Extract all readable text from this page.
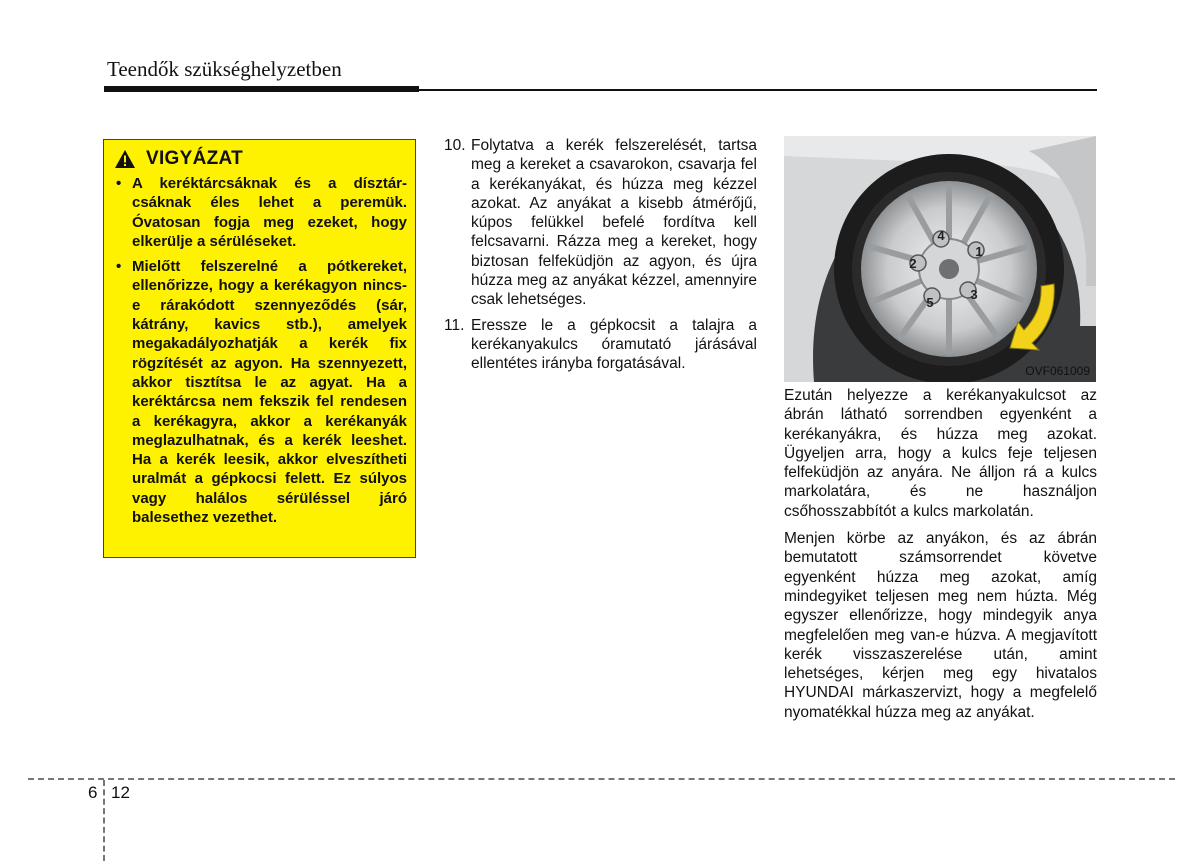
Teendők szükséghelyzetben
VIGYÁZAT
• A keréktárcsáknak és a dísztár-csáknak éles lehet a peremük. Óvatosan fogja meg ezeket, hogy elkerülje a sérüléseket.
• Mielőtt felszerelné a pótkereket, ellenőrizze, hogy a kerékagyon nincs-e rárakódott szennyeződés (sár, kátrány, kavics stb.), amelyek megakadályozhatják a kerék fix rögzítését az agyon. Ha szennyezett, akkor tisztítsa le az agyat. Ha a keréktárcsa nem fekszik fel rendesen a kerékagyra, akkor a kerékanyák meglazulhatnak, és a kerék leeshet. Ha a kerék leesik, akkor elveszítheti uralmát a gépkocsi felett. Ez súlyos vagy halálos sérüléssel járó balesethez vezethet.
10. Folytatva a kerék felszerelését, tartsa meg a kereket a csavarokon, csavarja fel a kerékanyákat, és húzza meg kézzel azokat. Az anyákat a kisebb átmérőjű, kúpos felükkel befelé fordítva kell felcsavarni. Rázza meg a kereket, hogy biztosan felfeküdjön az agyon, és újra húzza meg az anyákat kézzel, amennyire csak lehetséges.
11. Eressze le a gépkocsit a talajra a kerékanyakulcs óramutató járásával ellentétes irányba forgatásával.
1
2
3
4
5
OVF061009

Ezután helyezze a kerékanyakulcsot az ábrán látható sorrendben egyenként a kerékanyákra, és húzza meg azokat. Ügyeljen arra, hogy a kulcs feje teljesen felfeküdjön az anyára. Ne álljon rá a kulcs markolatára, és ne használjon csőhosszabbítót a kulcs markolatán.

Menjen körbe az anyákon, és az ábrán bemutatott számsorrendet követve egyenként húzza meg azokat, amíg mindegyiket teljesen meg nem húzta. Még egyszer ellenőrizze, hogy mindegyik anya megfelelően meg van-e húzva. A megjavított kerék visszaszerelése után, amint lehetséges, kérjen meg egy hivatalos HYUNDAI márkaszervizt, hogy a megfelelő nyomatékkal húzza meg az anyákat.

6 12
